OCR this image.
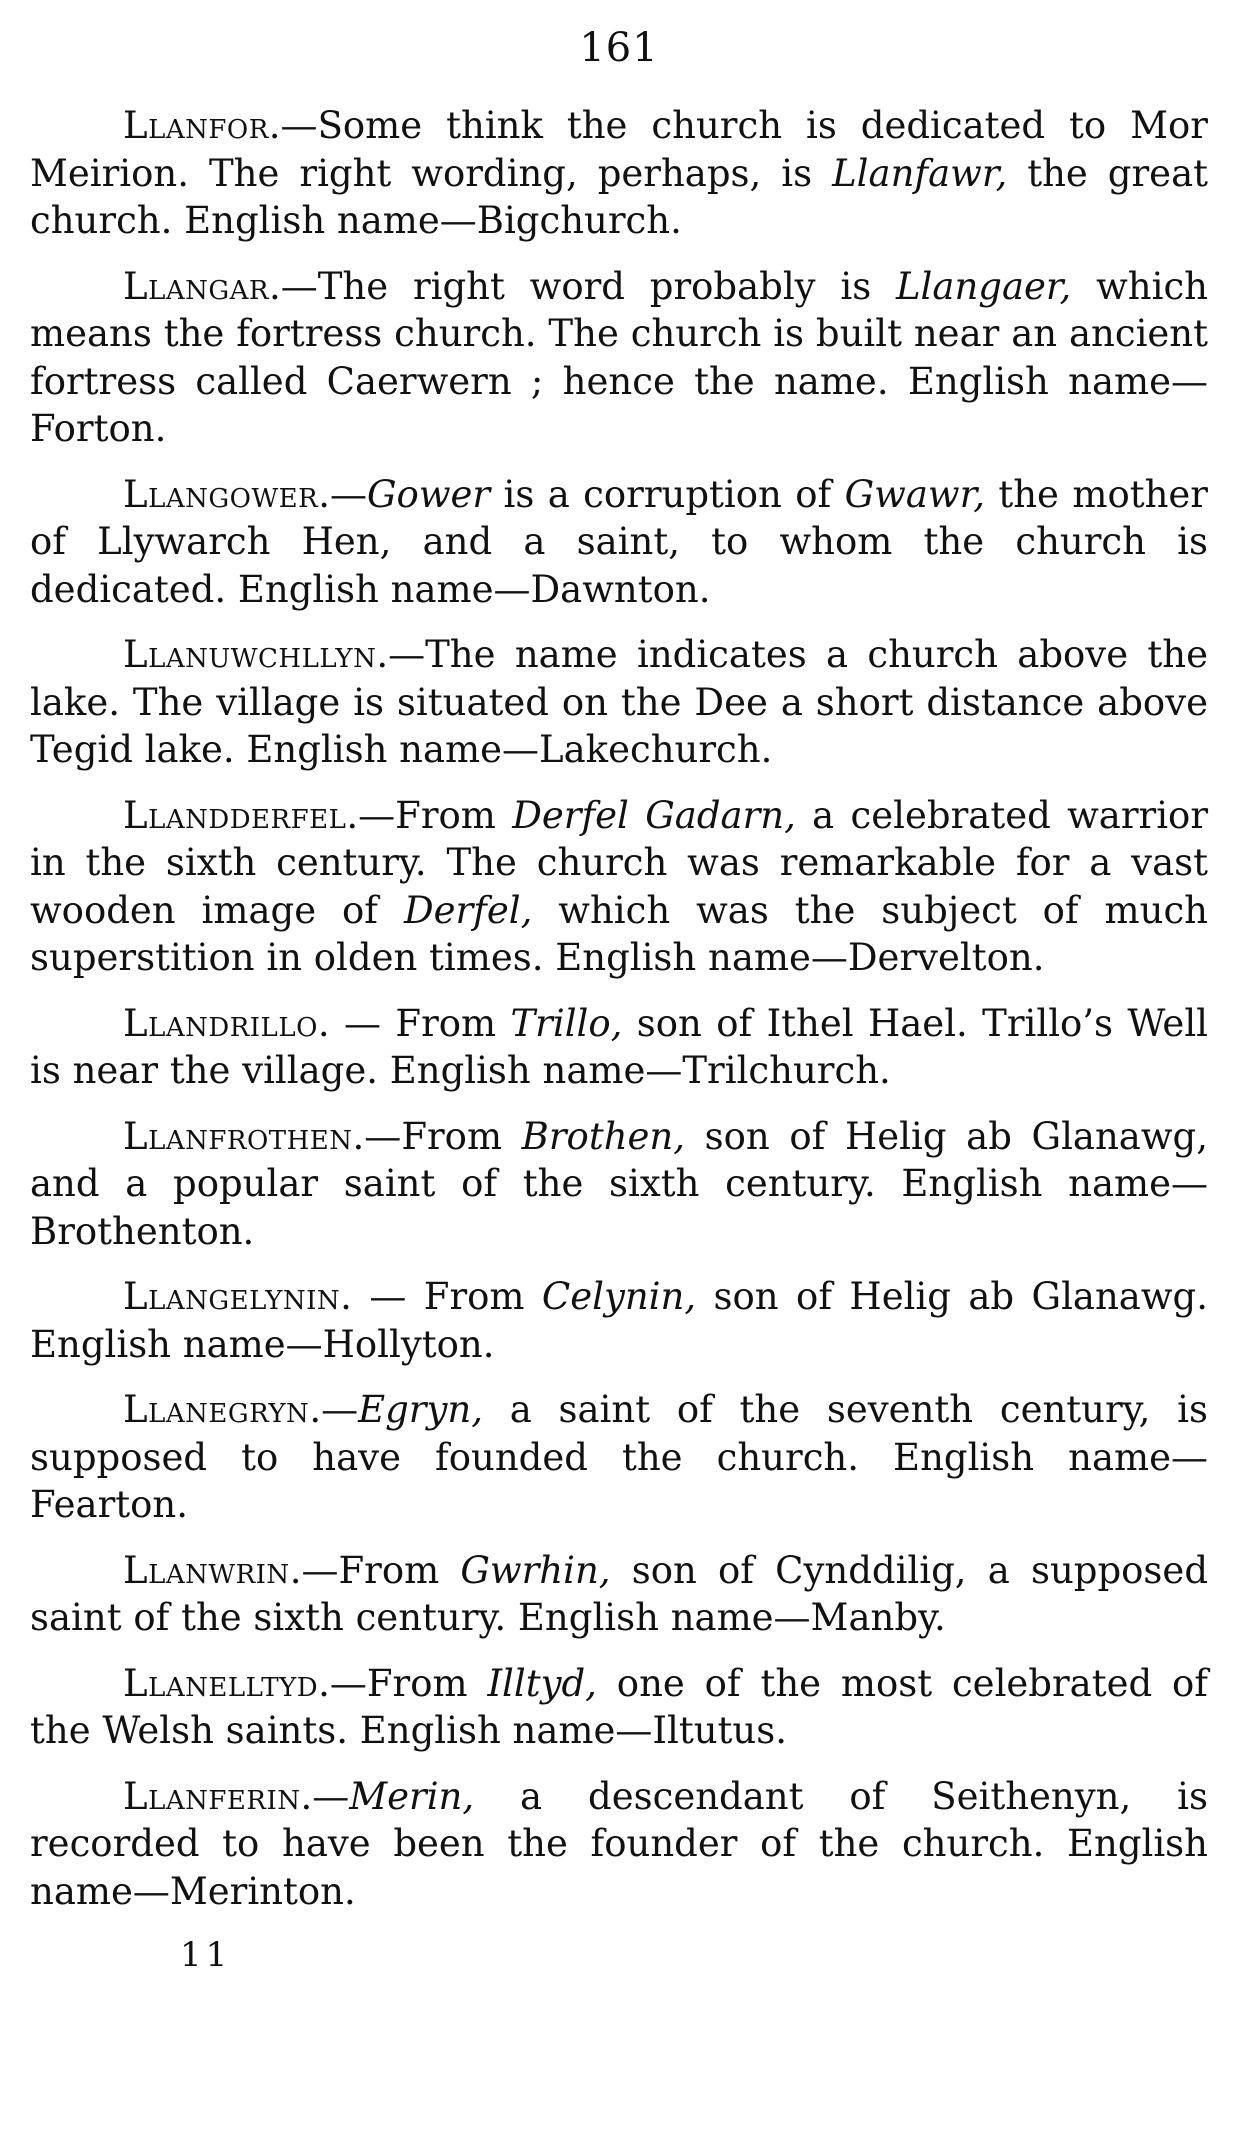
161

Llanfor.—Some think the church is dedicated to Mor Meirion. The right wording, perhaps, is Llanfawr, the great church. English name—Bigchurch.

Llangar.—The right word probably is Llangaer, which means the fortress church. The church is built near an ancient fortress called Caerwern ; hence the name. English name—Forton.

Llangower.—Gower is a corruption of Gwawr, the mother of Llywarch Hen, and a saint, to whom the church is dedicated. English name—Dawnton.

Llanuwchllyn.—The name indicates a church above the lake. The village is situated on the Dee a short distance above Tegid lake. English name—Lakechurch.

Llandderfel.—From Derfel Gadarn, a celebrated warrior in the sixth century. The church was remarkable for a vast wooden image of Derfel, which was the subject of much superstition in olden times. English name—Dervelton.

Llandrillo. — From Trillo, son of Ithel Hael. Trillo’s Well is near the village. English name—Trilchurch.

Llanfrothen.—From Brothen, son of Helig ab Glanawg, and a popular saint of the sixth century. English name—Brothenton.

Llangelynin. — From Celynin, son of Helig ab Glanawg. English name—Hollyton.

Llanegryn.—Egryn, a saint of the seventh century, is supposed to have founded the church. English name—Fearton.

Llanwrin.—From Gwrhin, son of Cynddilig, a supposed saint of the sixth century. English name—Manby.

Llanelltyd.—From Illtyd, one of the most celebrated of the Welsh saints. English name—Iltutus.

Llanferin.—Merin, a descendant of Seithenyn, is recorded to have been the founder of the church. English name—Merinton.

11
